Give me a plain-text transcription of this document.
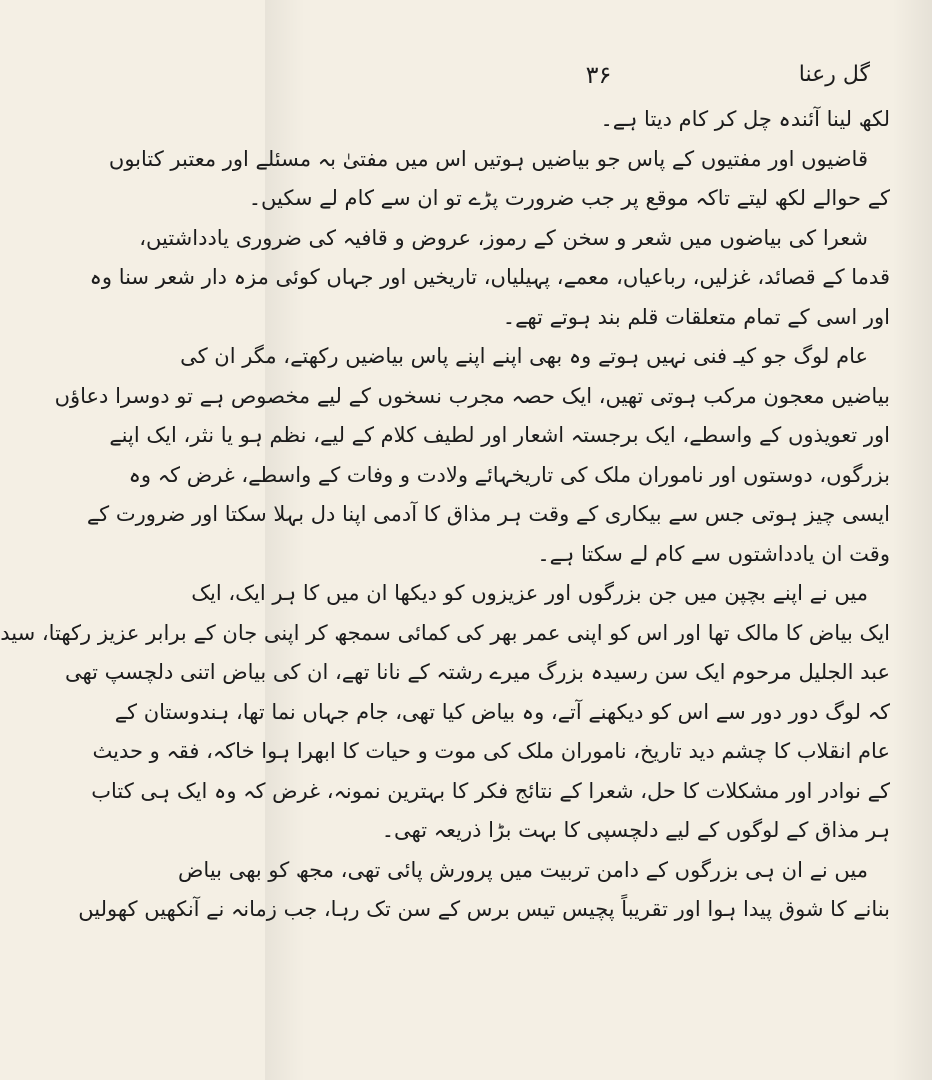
گل رعنا
۳۶
لکھ لینا آئندہ چل کر کام دیتا ہے۔
قاضیوں اور مفتیوں کے پاس جو بیاضیں ہوتیں اس میں مفتیٰ بہ مسئلے اور معتبر کتابوں
کے حوالے لکھ لیتے تاکہ موقع پر جب ضرورت پڑے تو ان سے کام لے سکیں۔
شعرا کی بیاضوں میں شعر و سخن کے رموز، عروض و قافیہ کی ضروری یادداشتیں،
قدما کے قصائد، غزلیں، رباعیاں، معمے، پہیلیاں، تاریخیں اور جہاں کوئی مزہ دار شعر سنا وہ
اور اسی کے تمام متعلقات قلم بند ہوتے تھے۔
عام لوگ جو کیـ فنی نہیں ہوتے وہ بھی اپنے اپنے پاس بیاضیں رکھتے، مگر ان کی
بیاضیں معجون مرکب ہوتی تھیں، ایک حصہ مجرب نسخوں کے لیے مخصوص ہے تو دوسرا دعاؤں
اور تعویذوں کے واسطے، ایک برجستہ اشعار اور لطیف کلام کے لیے، نظم ہو یا نثر، ایک اپنے
بزرگوں، دوستوں اور ناموران ملک کی تاریخہائے ولادت و وفات کے واسطے، غرض کہ وہ
ایسی چیز ہوتی جس سے بیکاری کے وقت ہر مذاق کا آدمی اپنا دل بہلا سکتا اور ضرورت کے
وقت ان یادداشتوں سے کام لے سکتا ہے۔
میں نے اپنے بچپن میں جن بزرگوں اور عزیزوں کو دیکھا ان میں کا ہر ایک، ایک
ایک بیاض کا مالک تھا اور اس کو اپنی عمر بھر کی کمائی سمجھ کر اپنی جان کے برابر عزیز رکھتا، سید
عبد الجلیل مرحوم ایک سن رسیدہ بزرگ میرے رشتہ کے نانا تھے، ان کی بیاض اتنی دلچسپ تھی
کہ لوگ دور دور سے اس کو دیکھنے آتے، وہ بیاض کیا تھی، جام جہاں نما تھا، ہندوستان کے
عام انقلاب کا چشم دید تاریخ، ناموران ملک کی موت و حیات کا ابھرا ہوا خاکہ، فقہ و حدیث
کے نوادر اور مشکلات کا حل، شعرا کے نتائج فکر کا بہترین نمونہ، غرض کہ وہ ایک ہی کتاب
ہر مذاق کے لوگوں کے لیے دلچسپی کا بہت بڑا ذریعہ تھی۔
میں نے ان ہی بزرگوں کے دامن تربیت میں پرورش پائی تھی، مجھ کو بھی بیاض
بنانے کا شوق پیدا ہوا اور تقریباً پچیس تیس برس کے سن تک رہا، جب زمانہ نے آنکھیں کھولیں
